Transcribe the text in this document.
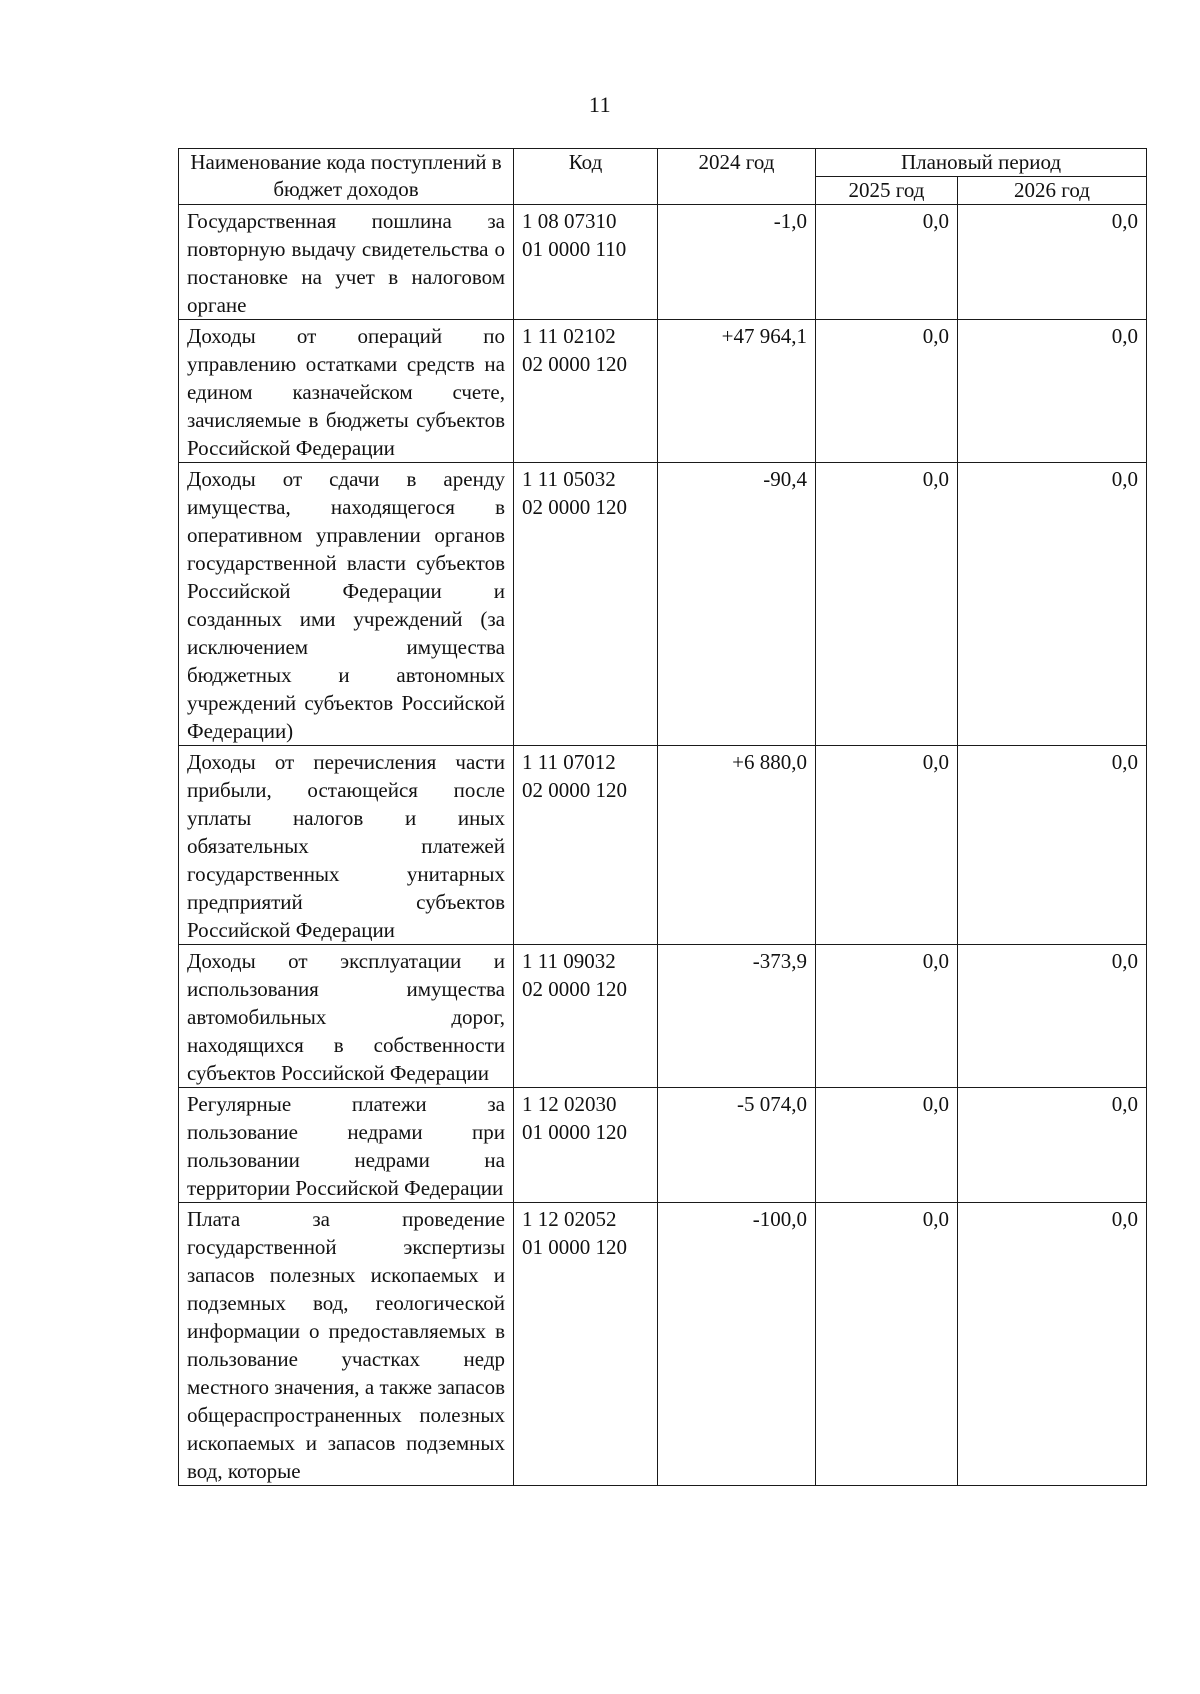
11
Наименование кода поступлений в бюджет доходов	Код	2024 год	Плановый период	
			2025 год	2026 год
Государственная пошлина за повторную выдачу свидетельства о постановке на учет в налоговом органе	1 08 07310
01 0000 110	-1,0	0,0	0,0
Доходы от операций по управлению остатками средств на едином казначейском счете, зачисляемые в бюджеты субъектов Российской Федерации	1 11 02102
02 0000 120	+47 964,1	0,0	0,0
Доходы от сдачи в аренду имущества, находящегося в оперативном управлении органов государственной власти субъектов Российской Федерации и созданных ими учреждений (за исключением имущества бюджетных и автономных учреждений субъектов Российской Федерации)	1 11 05032
02 0000 120	-90,4	0,0	0,0
Доходы от перечисления части прибыли, остающейся после уплаты налогов и иных обязательных платежей государственных унитарных предприятий субъектов Российской Федерации	1 11 07012
02 0000 120	+6 880,0	0,0	0,0
Доходы от эксплуатации и использования имущества автомобильных дорог, находящихся в собственности субъектов Российской Федерации	1 11 09032
02 0000 120	-373,9	0,0	0,0
Регулярные платежи за пользование недрами при пользовании недрами на территории Российской Федерации	1 12 02030
01 0000 120	-5 074,0	0,0	0,0
Плата за проведение государственной экспертизы запасов полезных ископаемых и подземных вод, геологической информации о предоставляемых в пользование участках недр местного значения, а также запасов общераспространенных полезных ископаемых и запасов подземных вод, которые	1 12 02052
01 0000 120	-100,0	0,0	0,0
